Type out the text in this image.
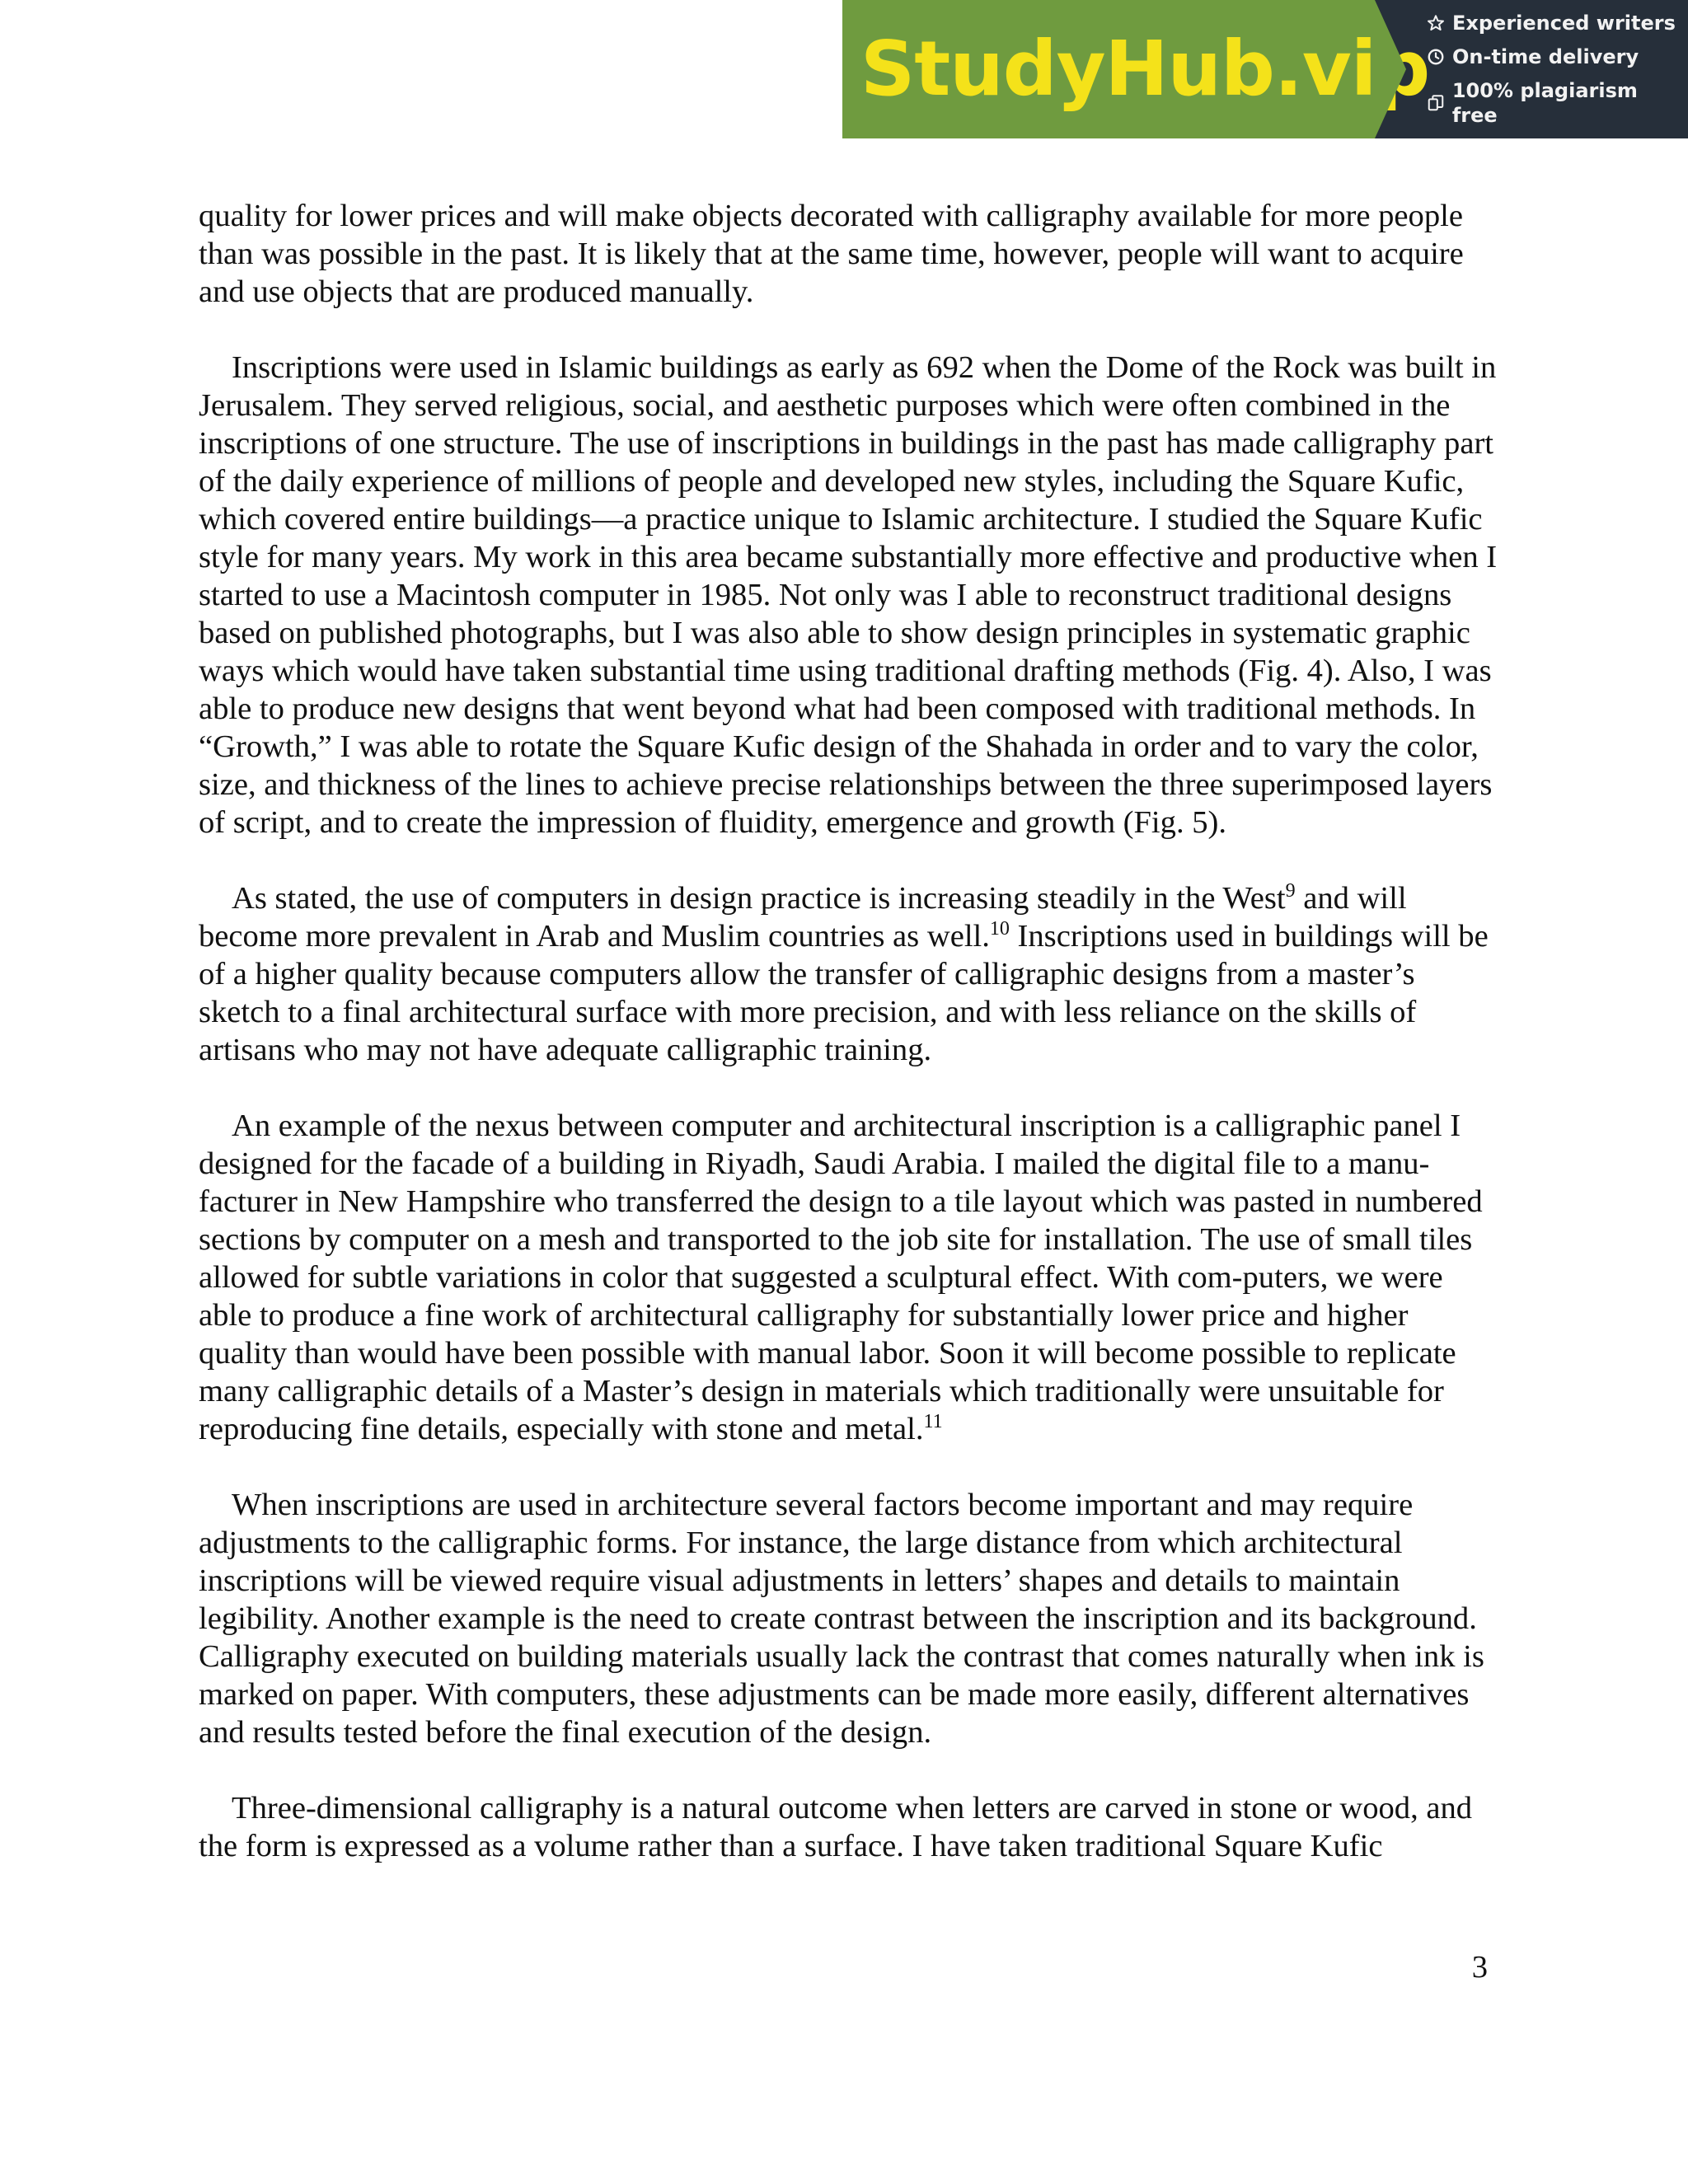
StudyHub.vip
Experienced writers
On-time delivery
100% plagiarism free

quality for lower prices and will make objects decorated with calligraphy available for more people than was possible in the past. It is likely that at the same time, however, people will want to acquire and use objects that are produced manually.

Inscriptions were used in Islamic buildings as early as 692 when the Dome of the Rock was built in Jerusalem. They served religious, social, and aesthetic purposes which were often combined in the inscriptions of one structure. The use of inscriptions in buildings in the past has made calligraphy part of the daily experience of millions of people and developed new styles, including the Square Kufic, which covered entire buildings—a practice unique to Islamic architecture. I studied the Square Kufic style for many years. My work in this area became substantially more effective and productive when I started to use a Macintosh computer in 1985. Not only was I able to reconstruct traditional designs based on published photographs, but I was also able to show design principles in systematic graphic ways which would have taken substantial time using traditional drafting methods (Fig. 4). Also, I was able to produce new designs that went beyond what had been composed with traditional methods. In “Growth,” I was able to rotate the Square Kufic design of the Shahada in order and to vary the color, size, and thickness of the lines to achieve precise relationships between the three superimposed layers of script, and to create the impression of fluidity, emergence and growth (Fig. 5).

As stated, the use of computers in design practice is increasing steadily in the West$^9$ and will become more prevalent in Arab and Muslim countries as well.$^{10}$ Inscriptions used in buildings will be of a higher quality because computers allow the transfer of calligraphic designs from a master’s sketch to a final architectural surface with more precision, and with less reliance on the skills of artisans who may not have adequate calligraphic training.

An example of the nexus between computer and architectural inscription is a calligraphic panel I designed for the facade of a building in Riyadh, Saudi Arabia. I mailed the digital file to a manu-facturer in New Hampshire who transferred the design to a tile layout which was pasted in numbered sections by computer on a mesh and transported to the job site for installation. The use of small tiles allowed for subtle variations in color that suggested a sculptural effect. With com-puters, we were able to produce a fine work of architectural calligraphy for substantially lower price and higher quality than would have been possible with manual labor. Soon it will become possible to replicate many calligraphic details of a Master’s design in materials which traditionally were unsuitable for reproducing fine details, especially with stone and metal.$^{11}$

When inscriptions are used in architecture several factors become important and may require adjustments to the calligraphic forms. For instance, the large distance from which architectural inscriptions will be viewed require visual adjustments in letters’ shapes and details to maintain legibility. Another example is the need to create contrast between the inscription and its background. Calligraphy executed on building materials usually lack the contrast that comes naturally when ink is marked on paper. With computers, these adjustments can be made more easily, different alternatives and results tested before the final execution of the design.

Three-dimensional calligraphy is a natural outcome when letters are carved in stone or wood, and the form is expressed as a volume rather than a surface. I have taken traditional Square Kufic

3
